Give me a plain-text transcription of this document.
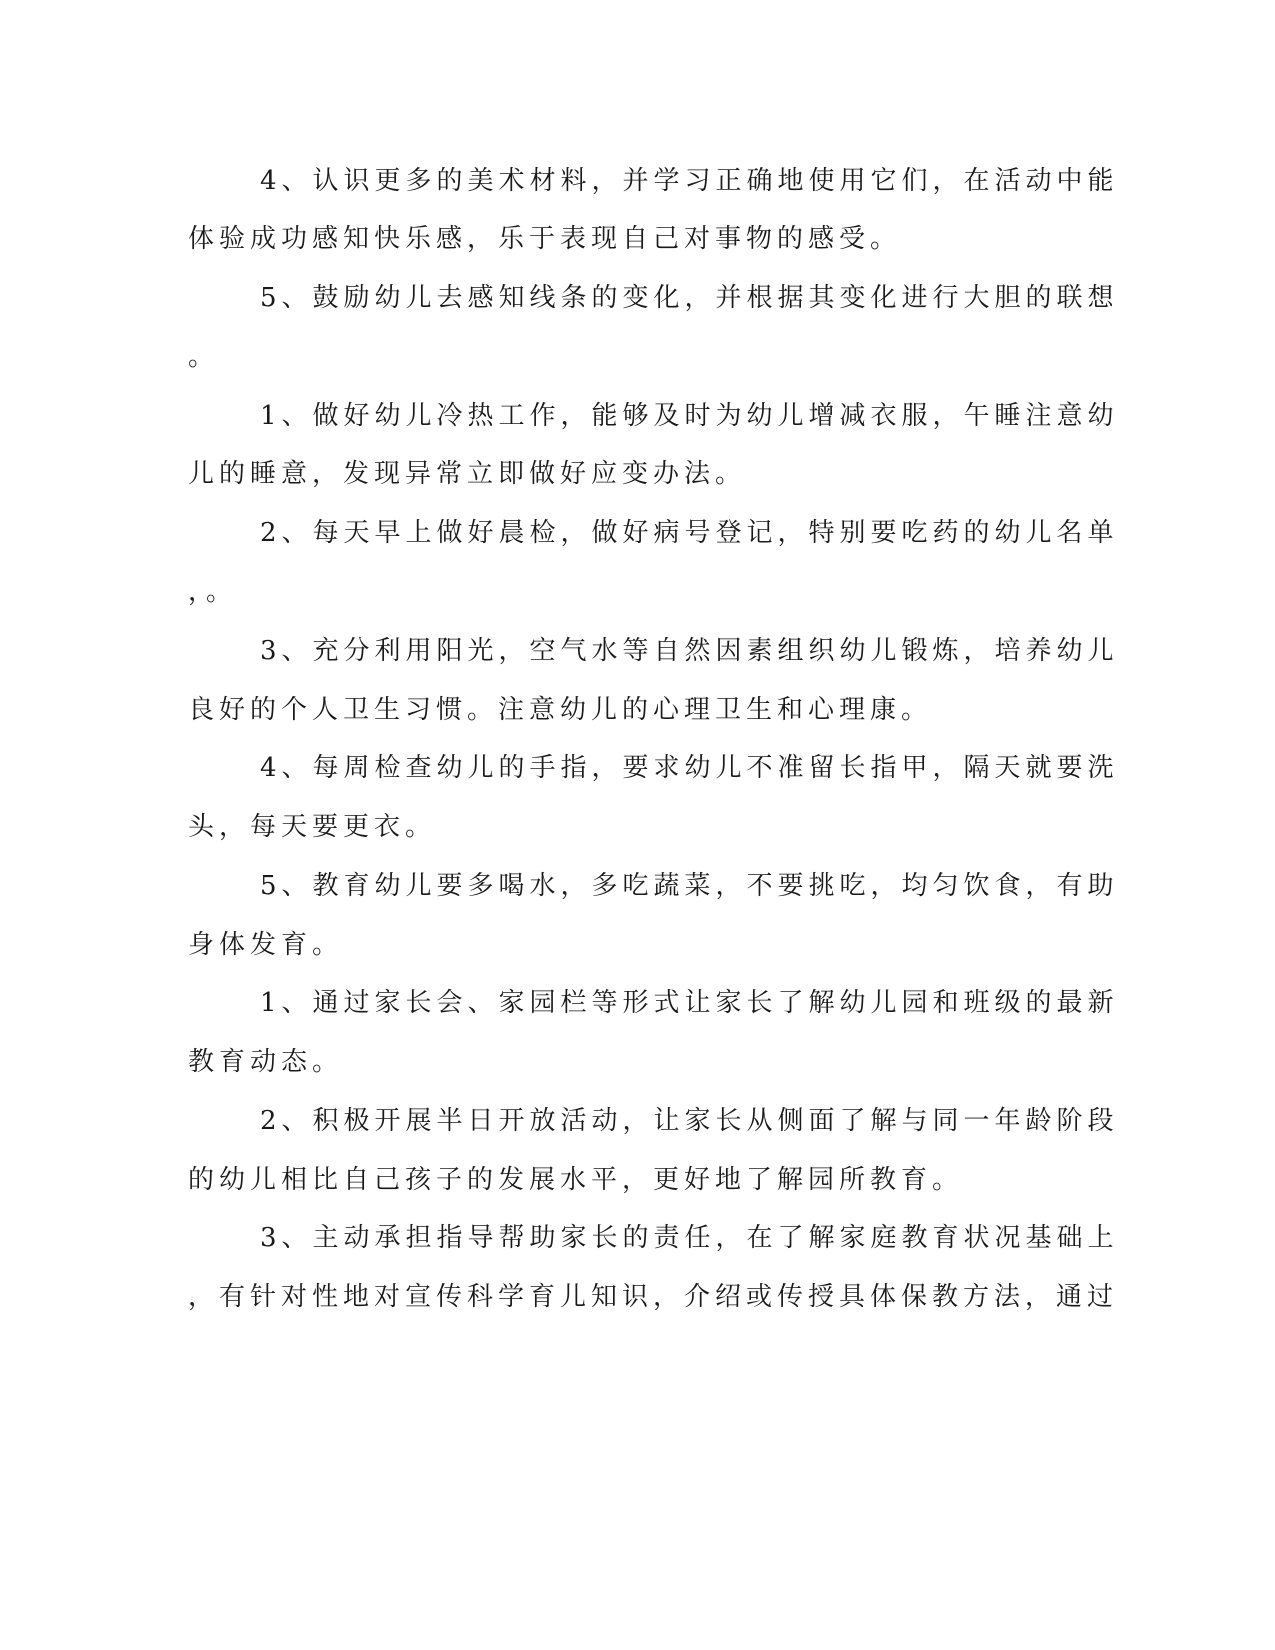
4、认识更多的美术材料，并学习正确地使用它们，在活动中能
体验成功感知快乐感，乐于表现自己对事物的感受。
5、鼓励幼儿去感知线条的变化，并根据其变化进行大胆的联想
。
1、做好幼儿冷热工作，能够及时为幼儿增减衣服，午睡注意幼
儿的睡意，发现异常立即做好应变办法。
2、每天早上做好晨检，做好病号登记，特别要吃药的幼儿名单
，。
3、充分利用阳光，空气水等自然因素组织幼儿锻炼，培养幼儿
良好的个人卫生习惯。注意幼儿的心理卫生和心理康。
4、每周检查幼儿的手指，要求幼儿不准留长指甲，隔天就要洗
头，每天要更衣。
5、教育幼儿要多喝水，多吃蔬菜，不要挑吃，均匀饮食，有助
身体发育。
1、通过家长会、家园栏等形式让家长了解幼儿园和班级的最新
教育动态。
2、积极开展半日开放活动，让家长从侧面了解与同一年龄阶段
的幼儿相比自己孩子的发展水平，更好地了解园所教育。
3、主动承担指导帮助家长的责任，在了解家庭教育状况基础上
，有针对性地对宣传科学育儿知识，介绍或传授具体保教方法，通过
